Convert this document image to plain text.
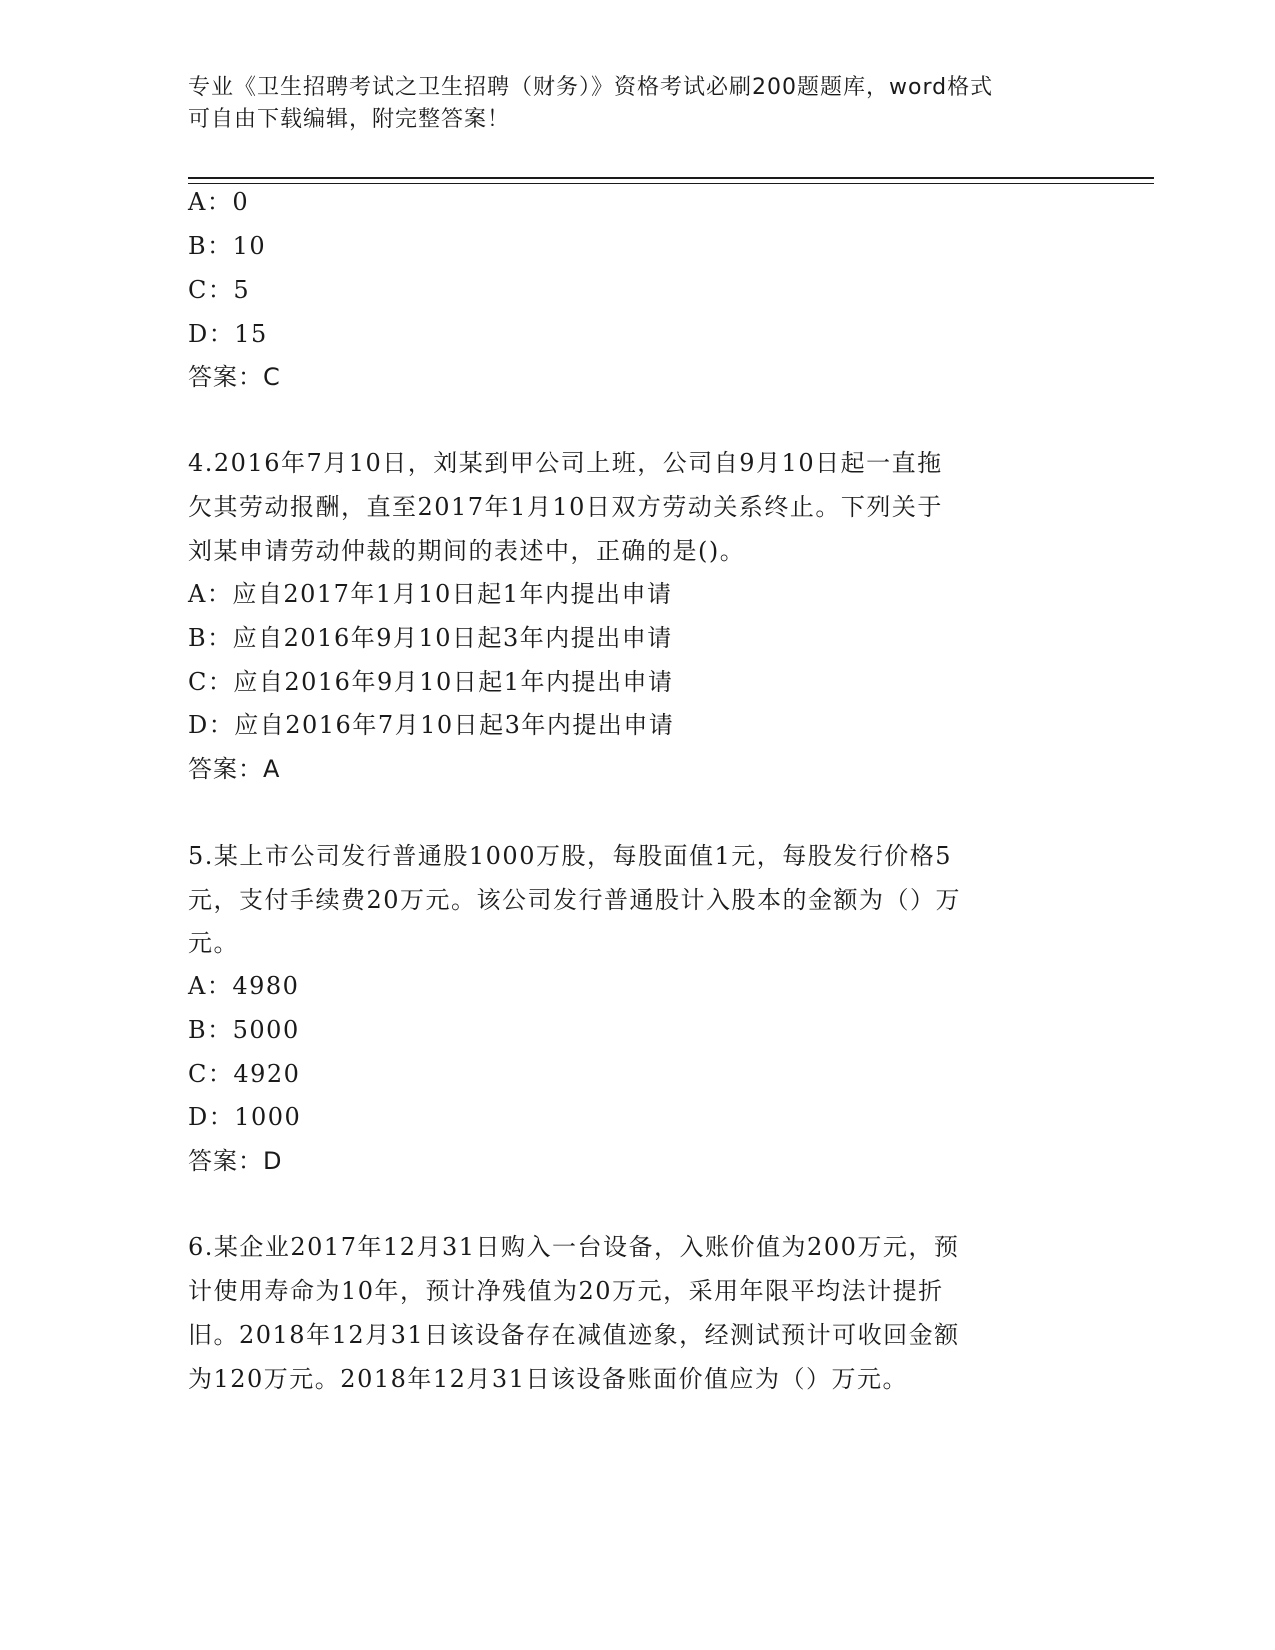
专业《卫生招聘考试之卫生招聘（财务）》资格考试必刷200题题库，word格式
可自由下载编辑，附完整答案！
A：0
B：10
C：5
D：15
答案：C
4.2016年7月10日，刘某到甲公司上班，公司自9月10日起一直拖
欠其劳动报酬，直至2017年1月10日双方劳动关系终止。下列关于
刘某申请劳动仲裁的期间的表述中，正确的是()。
A：应自2017年1月10日起1年内提出申请
B：应自2016年9月10日起3年内提出申请
C：应自2016年9月10日起1年内提出申请
D：应自2016年7月10日起3年内提出申请
答案：A
5.某上市公司发行普通股1000万股，每股面值1元，每股发行价格5
元，支付手续费20万元。该公司发行普通股计入股本的金额为（）万
元。
A：4980
B：5000
C：4920
D：1000
答案：D
6.某企业2017年12月31日购入一台设备，入账价值为200万元，预
计使用寿命为10年，预计净残值为20万元，采用年限平均法计提折
旧。2018年12月31日该设备存在减值迹象，经测试预计可收回金额
为120万元。2018年12月31日该设备账面价值应为（）万元。
